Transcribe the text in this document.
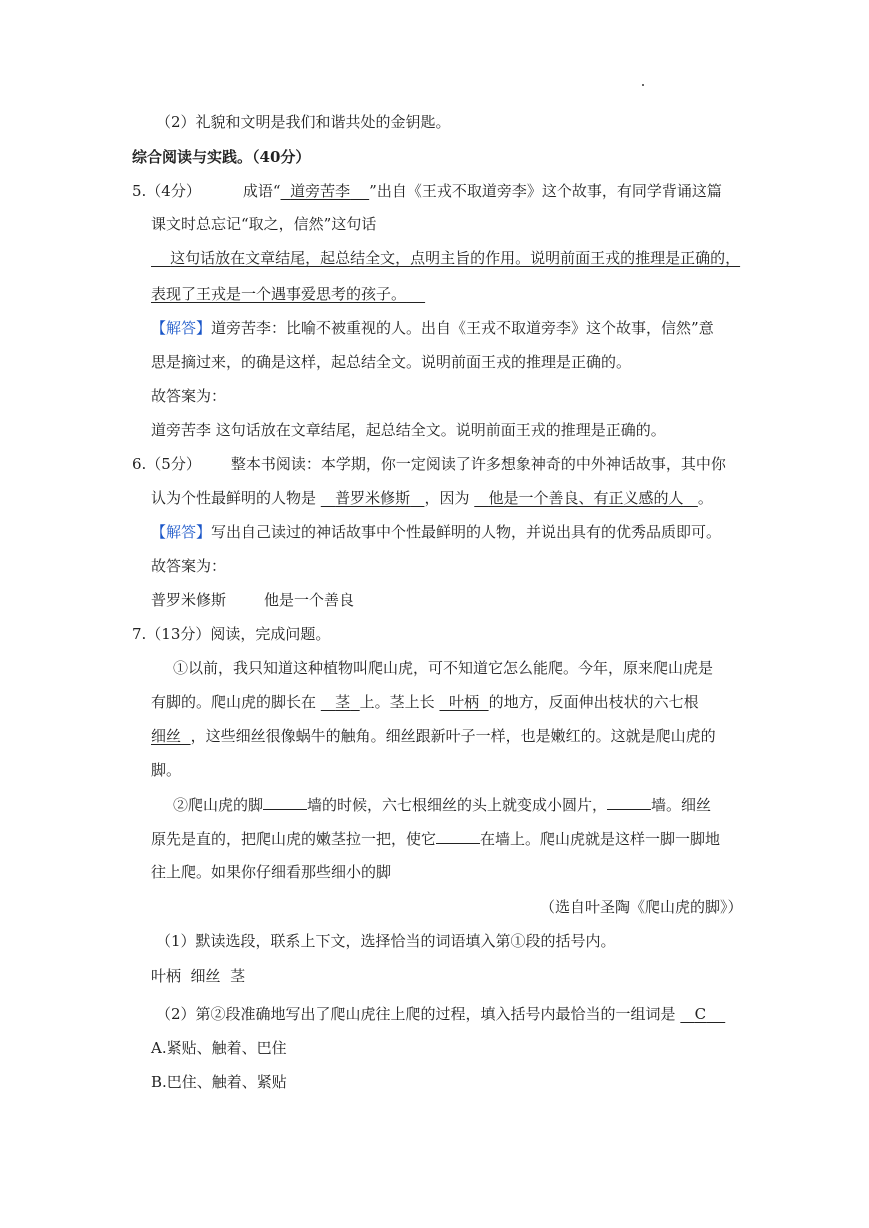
（2）礼貌和文明是我们和谐共处的金钥匙。
综合阅读与实践。（40分）
5.（4分）	成语“ 道旁苦李 ”出自《王戎不取道旁李》这个故事，有同学背诵这篇
课文时总忘记“取之，信然”这句话
这句话放在文章结尾，起总结全文，点明主旨的作用。说明前面王戎的推理是正确的，
表现了王戎是一个遇事爱思考的孩子。
【解答】道旁苦李：比喻不被重视的人。出自《王戎不取道旁李》这个故事，信然”意
思是摘过来，的确是这样，起总结全文。说明前面王戎的推理是正确的。
故答案为：
道旁苦李 这句话放在文章结尾，起总结全文。说明前面王戎的推理是正确的。
6.（5分） 整本书阅读：本学期，你一定阅读了许多想象神奇的中外神话故事，其中你
认为个性最鲜明的人物是 普罗米修斯 ，因为 他是一个善良、有正义感的人 。
【解答】写出自己读过的神话故事中个性最鲜明的人物，并说出具有的优秀品质即可。
故答案为：
普罗米修斯	他是一个善良
7.（13分）阅读，完成问题。
①以前，我只知道这种植物叫爬山虎，可不知道它怎么能爬。今年，原来爬山虎是
有脚的。爬山虎的脚长在 茎 上。茎上长 叶柄 的地方，反面伸出枝状的六七根
细丝 ，这些细丝很像蜗牛的触角。细丝跟新叶子一样，也是嫩红的。这就是爬山虎的
脚。
②爬山虎的脚	墙的时候，六七根细丝的头上就变成小圆片，	墙。细丝
原先是直的，把爬山虎的嫩茎拉一把，使它	在墙上。爬山虎就是这样一脚一脚地
往上爬。如果你仔细看那些细小的脚
（选自叶圣陶《爬山虎的脚》）
（1）默读选段，联系上下文，选择恰当的词语填入第①段的括号内。
叶柄  细丝  茎
（2）第②段准确地写出了爬山虎往上爬的过程，填入括号内最恰当的一组词是 C
A.紧贴、触着、巴住
B.巴住、触着、紧贴
